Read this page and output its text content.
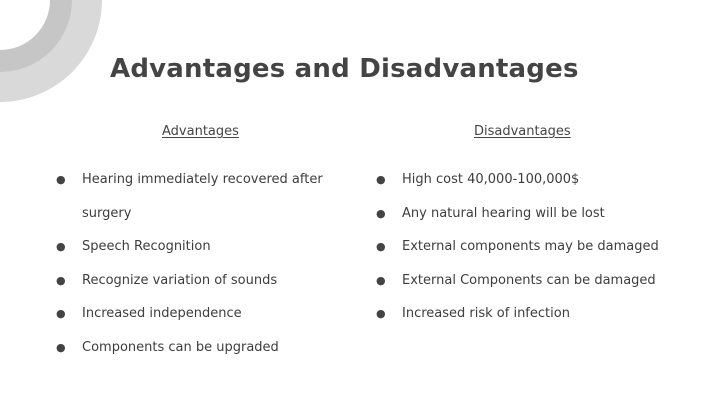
Advantages and Disadvantages
Advantages	Disadvantages
● Hearing immediately recovered after
surgery
● Speech Recognition
● Recognize variation of sounds
● Increased independence
● Components can be upgraded
● High cost 40,000-100,000$
● Any natural hearing will be lost
● External components may be damaged
● External Components can be damaged
● Increased risk of infection
